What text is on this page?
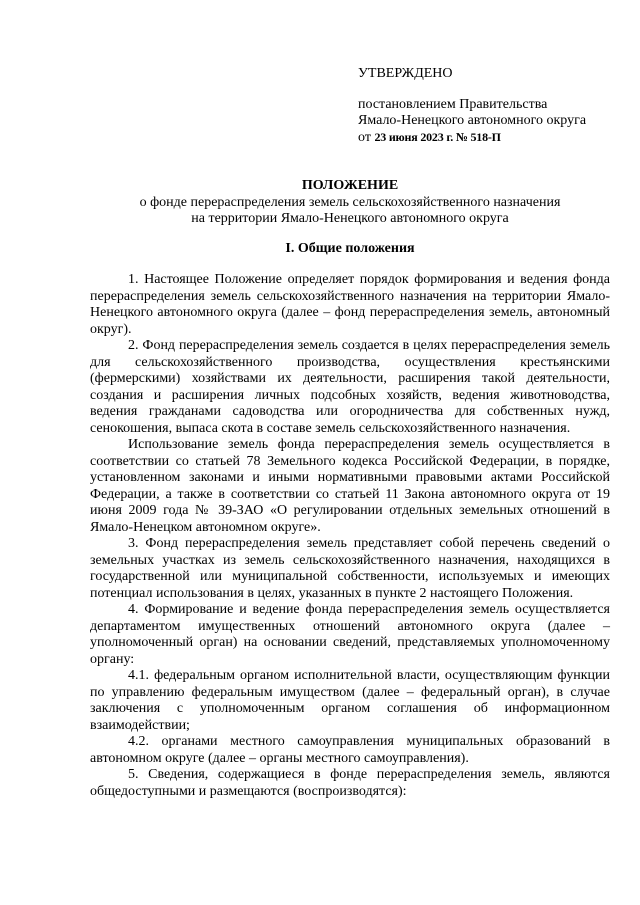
УТВЕРЖДЕНО
постановлением Правительства
Ямало-Ненецкого автономного округа
от 23 июня 2023 г. № 518-П
ПОЛОЖЕНИЕ
о фонде перераспределения земель сельскохозяйственного назначения
на территории Ямало-Ненецкого автономного округа
I. Общие положения

1. Настоящее Положение определяет порядок формирования и ведения фонда перераспределения земель сельскохозяйственного назначения на территории Ямало-Ненецкого автономного округа (далее – фонд перераспределения земель, автономный округ).

2. Фонд перераспределения земель создается в целях перераспределения земель для сельскохозяйственного производства, осуществления крестьянскими (фермерскими) хозяйствами их деятельности, расширения такой деятельности, создания и расширения личных подсобных хозяйств, ведения животноводства, ведения гражданами садоводства или огородничества для собственных нужд, сенокошения, выпаса скота в составе земель сельскохозяйственного назначения.

Использование земель фонда перераспределения земель осуществляется в соответствии со статьей 78 Земельного кодекса Российской Федерации, в порядке, установленном законами и иными нормативными правовыми актами Российской Федерации, а также в соответствии со статьей 11 Закона автономного округа от 19 июня 2009 года № 39-ЗАО «О регулировании отдельных земельных отношений в Ямало-Ненецком автономном округе».

3. Фонд перераспределения земель представляет собой перечень сведений о земельных участках из земель сельскохозяйственного назначения, находящихся в государственной или муниципальной собственности, используемых и имеющих потенциал использования в целях, указанных в пункте 2 настоящего Положения.

4. Формирование и ведение фонда перераспределения земель осуществляется департаментом имущественных отношений автономного округа (далее – уполномоченный орган) на основании сведений, представляемых уполномоченному органу:

4.1. федеральным органом исполнительной власти, осуществляющим функции по управлению федеральным имуществом (далее – федеральный орган), в случае заключения с уполномоченным органом соглашения об информационном взаимодействии;

4.2. органами местного самоуправления муниципальных образований в автономном округе (далее – органы местного самоуправления).

5. Сведения, содержащиеся в фонде перераспределения земель, являются общедоступными и размещаются (воспроизводятся):
